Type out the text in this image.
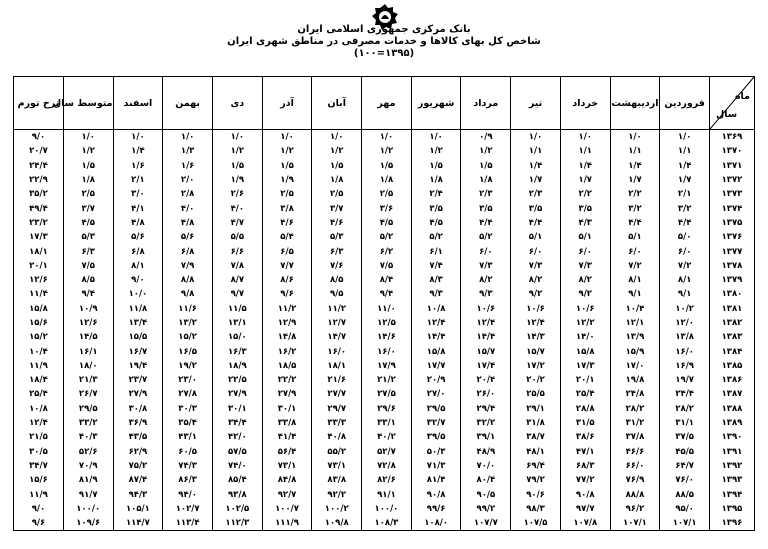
بانک مرکزی جمهوری اسلامی ایران
شاخص کل بهای کالاها و خدمات مصرفی در مناطق شهری ایران
(۱۳۹۵=۱۰۰)
ماه
سال	فروردین	اردیبهشت	خرداد	تیر	مرداد	شهریور	مهر	آبان	آذر	دی	بهمن	اسفند	متوسط سال	نرخ تورم
۱۳۶۹	۱/۰	۱/۰	۱/۰	۱/۰	۰/۹	۱/۰	۱/۰	۱/۰	۱/۰	۱/۰	۱/۰	۱/۰	۱/۰	۹/۰
۱۳۷۰	۱/۱	۱/۱	۱/۱	۱/۱	۱/۲	۱/۲	۱/۲	۱/۲	۱/۲	۱/۲	۱/۳	۱/۴	۱/۲	۲۰/۷
۱۳۷۱	۱/۴	۱/۴	۱/۴	۱/۴	۱/۵	۱/۵	۱/۵	۱/۵	۱/۵	۱/۵	۱/۶	۱/۶	۱/۵	۲۴/۴
۱۳۷۲	۱/۷	۱/۷	۱/۷	۱/۷	۱/۸	۱/۸	۱/۸	۱/۸	۱/۹	۱/۹	۲/۰	۲/۱	۱/۸	۲۲/۹
۱۳۷۳	۲/۱	۲/۲	۲/۲	۲/۳	۲/۳	۲/۴	۲/۵	۲/۵	۲/۵	۲/۶	۲/۸	۳/۰	۲/۵	۳۵/۲
۱۳۷۴	۳/۲	۳/۲	۳/۵	۳/۵	۳/۵	۳/۵	۳/۶	۳/۷	۳/۸	۴/۰	۴/۰	۴/۱	۳/۷	۴۹/۴
۱۳۷۵	۴/۴	۴/۴	۴/۳	۴/۴	۴/۴	۴/۵	۴/۵	۴/۶	۴/۶	۴/۷	۴/۸	۴/۸	۴/۵	۲۳/۲
۱۳۷۶	۵/۰	۵/۱	۵/۱	۵/۱	۵/۲	۵/۲	۵/۲	۵/۳	۵/۴	۵/۵	۵/۶	۵/۶	۵/۳	۱۷/۳
۱۳۷۷	۶/۰	۶/۰	۶/۰	۶/۰	۶/۰	۶/۱	۶/۲	۶/۳	۶/۵	۶/۶	۶/۸	۶/۸	۶/۳	۱۸/۱
۱۳۷۸	۷/۲	۷/۲	۷/۳	۷/۳	۷/۳	۷/۴	۷/۵	۷/۶	۷/۷	۷/۸	۷/۹	۸/۱	۷/۵	۲۰/۱
۱۳۷۹	۸/۱	۸/۱	۸/۲	۸/۲	۸/۲	۸/۳	۸/۴	۸/۵	۸/۶	۸/۷	۸/۸	۹/۰	۸/۵	۱۲/۶
۱۳۸۰	۹/۱	۹/۱	۹/۲	۹/۲	۹/۳	۹/۳	۹/۴	۹/۵	۹/۶	۹/۷	۹/۸	۱۰/۰	۹/۴	۱۱/۴
۱۳۸۱	۱۰/۲	۱۰/۴	۱۰/۶	۱۰/۶	۱۰/۶	۱۰/۸	۱۱/۰	۱۱/۲	۱۱/۲	۱۱/۵	۱۱/۶	۱۱/۸	۱۰/۹	۱۵/۸
۱۳۸۲	۱۲/۰	۱۲/۱	۱۲/۲	۱۲/۴	۱۲/۴	۱۲/۴	۱۲/۵	۱۲/۷	۱۲/۹	۱۳/۱	۱۳/۲	۱۳/۴	۱۲/۶	۱۵/۶
۱۳۸۳	۱۳/۸	۱۳/۹	۱۴/۰	۱۴/۳	۱۴/۴	۱۴/۴	۱۴/۶	۱۴/۷	۱۴/۸	۱۵/۰	۱۵/۲	۱۵/۵	۱۴/۵	۱۵/۲
۱۳۸۴	۱۶/۰	۱۵/۹	۱۵/۸	۱۵/۷	۱۵/۷	۱۵/۸	۱۶/۰	۱۶/۰	۱۶/۲	۱۶/۳	۱۶/۵	۱۶/۷	۱۶/۱	۱۰/۴
۱۳۸۵	۱۶/۹	۱۷/۰	۱۷/۳	۱۷/۲	۱۷/۴	۱۷/۷	۱۷/۹	۱۸/۱	۱۸/۵	۱۸/۹	۱۹/۲	۱۹/۴	۱۸/۰	۱۱/۹
۱۳۸۶	۱۹/۷	۱۹/۸	۲۰/۱	۲۰/۲	۲۰/۴	۲۰/۹	۲۱/۲	۲۱/۶	۲۲/۲	۲۲/۵	۲۳/۰	۲۳/۷	۲۱/۳	۱۸/۴
۱۳۸۷	۲۴/۴	۲۴/۸	۲۵/۴	۲۵/۵	۲۶/۰	۲۷/۰	۲۷/۵	۲۷/۷	۲۷/۹	۲۷/۹	۲۷/۸	۲۷/۹	۲۶/۷	۲۵/۴
۱۳۸۸	۲۸/۲	۲۸/۲	۲۸/۸	۲۹/۱	۲۹/۴	۲۹/۵	۲۹/۶	۲۹/۷	۳۰/۱	۳۰/۱	۳۰/۳	۳۰/۸	۲۹/۵	۱۰/۸
۱۳۸۹	۳۱/۱	۳۱/۲	۳۱/۵	۳۱/۸	۳۲/۲	۳۲/۷	۳۳/۱	۳۳/۳	۳۳/۸	۳۴/۴	۳۵/۴	۳۶/۹	۳۳/۲	۱۲/۴
۱۳۹۰	۳۷/۵	۳۷/۸	۳۸/۶	۳۸/۷	۳۹/۱	۳۹/۵	۴۰/۲	۴۰/۸	۴۱/۴	۴۲/۰	۴۳/۱	۴۳/۵	۴۰/۳	۲۱/۵
۱۳۹۱	۴۵/۵	۴۶/۶	۴۷/۱	۴۸/۱	۴۸/۹	۵۰/۳	۵۲/۷	۵۵/۲	۵۶/۴	۵۷/۵	۶۰/۵	۶۲/۹	۵۲/۶	۳۰/۵
۱۳۹۲	۶۴/۷	۶۶/۰	۶۸/۳	۶۹/۴	۷۰/۰	۷۱/۳	۷۲/۸	۷۳/۱	۷۳/۱	۷۴/۰	۷۴/۳	۷۵/۲	۷۰/۹	۳۴/۷
۱۳۹۳	۷۶/۰	۷۶/۹	۷۷/۲	۷۹/۲	۸۰/۴	۸۱/۴	۸۲/۶	۸۳/۸	۸۴/۸	۸۵/۴	۸۶/۳	۸۷/۴	۸۱/۹	۱۵/۶
۱۳۹۴	۸۸/۵	۸۸/۸	۹۰/۸	۹۰/۶	۹۰/۵	۹۰/۸	۹۱/۱	۹۲/۲	۹۲/۷	۹۳/۸	۹۴/۰	۹۴/۳	۹۱/۷	۱۱/۹
۱۳۹۵	۹۵/۰	۹۶/۲	۹۷/۷	۹۸/۳	۹۹/۲	۹۹/۶	۱۰۰/۰	۱۰۰/۲	۱۰۰/۷	۱۰۲/۵	۱۰۲/۷	۱۰۵/۱	۱۰۰/۰	۹/۰
۱۳۹۶	۱۰۷/۱	۱۰۷/۱	۱۰۷/۸	۱۰۷/۵	۱۰۷/۷	۱۰۸/۰	۱۰۸/۳	۱۰۹/۸	۱۱۱/۹	۱۱۲/۳	۱۱۳/۴	۱۱۴/۷	۱۰۹/۶	۹/۶
